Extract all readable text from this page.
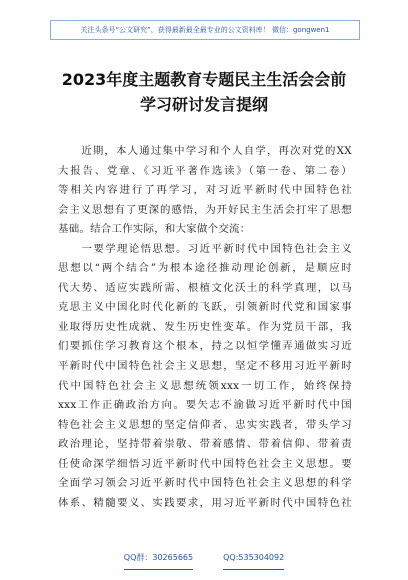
关注头条号“公文研究”，获得最新最全最专业的公文资料库！ 微信：gongwen1
2023年度主题教育专题民主生活会会前
学习研讨发言提纲
　　近期，本人通过集中学习和个人自学，再次对党的XX
大报告、党章、《习近平著作选读》（第一卷、第二卷）
等相关内容进行了再学习，对习近平新时代中国特色社
会主义思想有了更深的感悟，为开好民主生活会打牢了思想
基础。结合工作实际，和大家做个交流：
　　一要学理论悟思想。习近平新时代中国特色社会主义
思想以“两个结合”为根本途径推动理论创新，是顺应时
代大势、适应实践所需、根植文化沃土的科学真理，以马
克思主义中国化时代化新的飞跃，引领新时代党和国家事
业取得历史性成就、发生历史性变革。作为党员干部，我
们要抓住学习教育这个根本，持之以恒学懂弄通做实习近
平新时代中国特色社会主义思想，坚定不移用习近平新时
代中国特色社会主义思想统领xxx一切工作，始终保持
xxx工作正确政治方向。要矢志不渝做习近平新时代中国
特色社会主义思想的坚定信仰者、忠实实践者，带头学习
政治理论，坚持带着崇敬、带着感情、带着信仰、带着责
任使命深学细悟习近平新时代中国特色社会主义思想。要
全面学习领会习近平新时代中国特色社会主义思想的科学
体系、精髓要义、实践要求，用习近平新时代中国特色社
QQ群：30265665	QQ:535304092
